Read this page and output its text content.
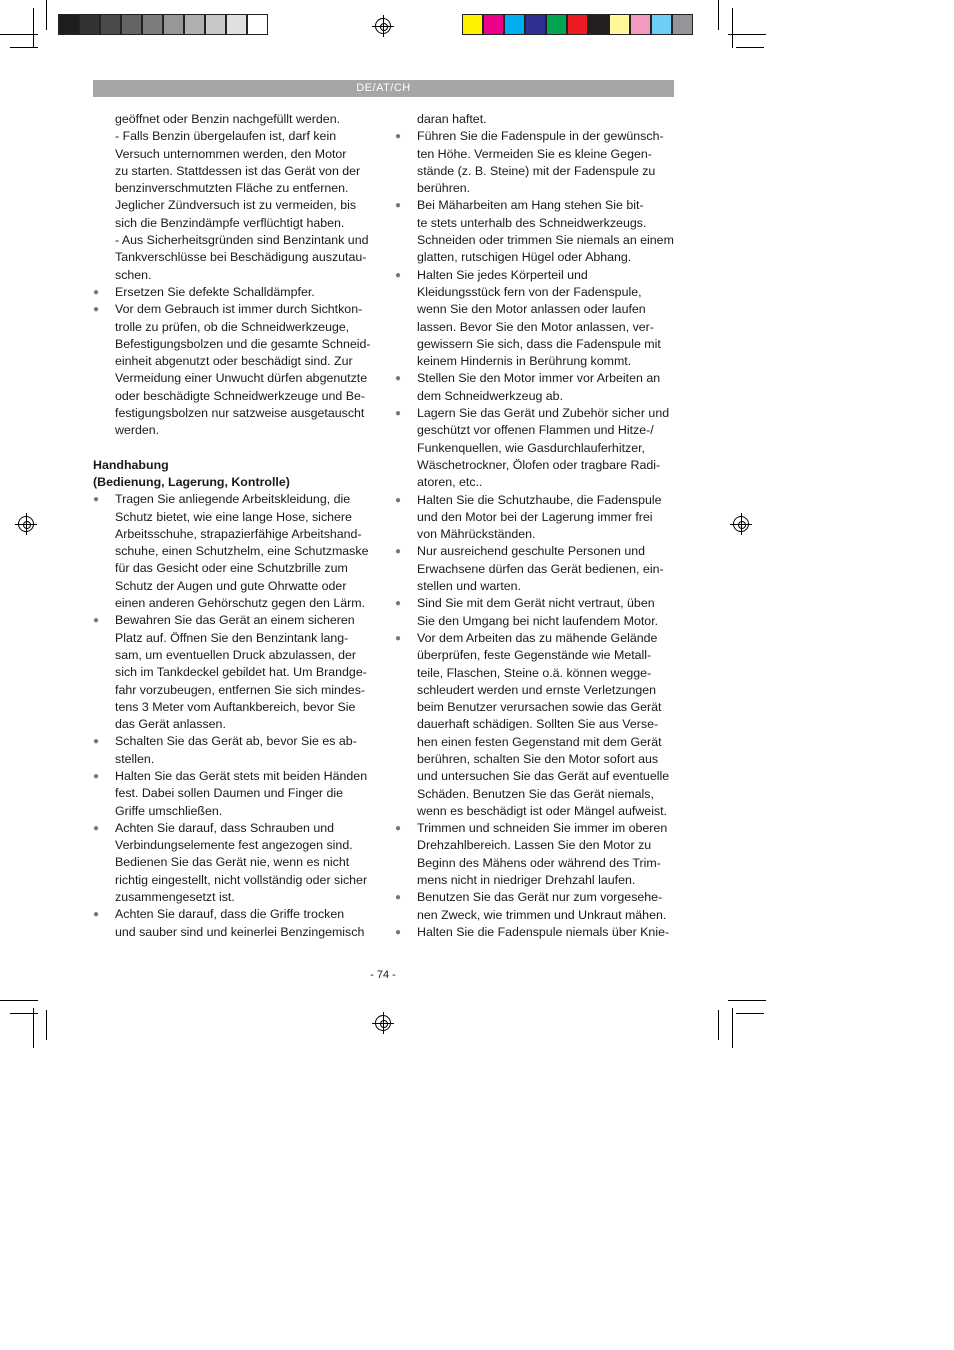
DE/AT/CH
geöffnet oder Benzin nachgefüllt werden.
- Falls Benzin übergelaufen ist, darf kein
Versuch unternommen werden, den Motor
zu starten. Stattdessen ist das Gerät von der
benzinverschmutzten Fläche zu entfernen.
Jeglicher Zündversuch ist zu vermeiden, bis
sich die Benzindämpfe verflüchtigt haben.
- Aus Sicherheitsgründen sind Benzintank und
Tankverschlüsse bei Beschädigung auszutau-
schen.
●	Ersetzen Sie defekte Schalldämpfer.
●	Vor dem Gebrauch ist immer durch Sichtkon-
trolle zu prüfen, ob die Schneidwerkzeuge,
Befestigungsbolzen und die gesamte Schneid-
einheit abgenutzt oder beschädigt sind. Zur
Vermeidung einer Unwucht dürfen abgenutzte
oder beschädigte Schneidwerkzeuge und Be-
festigungsbolzen nur satzweise ausgetauscht
werden.
Handhabung
(Bedienung, Lagerung, Kontrolle)
●	Tragen Sie anliegende Arbeitskleidung, die
Schutz bietet, wie eine lange Hose, sichere
Arbeitsschuhe, strapazierfähige Arbeitshand-
schuhe, einen Schutzhelm, eine Schutzmaske
für das Gesicht oder eine Schutzbrille zum
Schutz der Augen und gute Ohrwatte oder
einen anderen Gehörschutz gegen den Lärm.
●	Bewahren Sie das Gerät an einem sicheren
Platz auf. Öffnen Sie den Benzintank lang-
sam, um eventuellen Druck abzulassen, der
sich im Tankdeckel gebildet hat. Um Brandge-
fahr vorzubeugen, entfernen Sie sich mindes-
tens 3 Meter vom Auftankbereich, bevor Sie
das Gerät anlassen.
●	Schalten Sie das Gerät ab, bevor Sie es ab-
stellen.
●	Halten Sie das Gerät stets mit beiden Händen
fest. Dabei sollen Daumen und Finger die
Griffe umschließen.
●	Achten Sie darauf, dass Schrauben und
Verbindungselemente fest angezogen sind.
Bedienen Sie das Gerät nie, wenn es nicht
richtig eingestellt, nicht vollständig oder sicher
zusammengesetzt ist.
●	Achten Sie darauf, dass die Griffe trocken
und sauber sind und keinerlei Benzingemisch
daran haftet.
●	Führen Sie die Fadenspule in der gewünsch-
ten Höhe. Vermeiden Sie es kleine Gegen-
stände (z. B. Steine) mit der Fadenspule zu
berühren.
●	Bei Mäharbeiten am Hang stehen Sie bit-
te stets unterhalb des Schneidwerkzeugs.
Schneiden oder trimmen Sie niemals an einem
glatten, rutschigen Hügel oder Abhang.
●	Halten Sie jedes Körperteil und
Kleidungsstück fern von der Fadenspule,
wenn Sie den Motor anlassen oder laufen
lassen. Bevor Sie den Motor anlassen, ver-
gewissern Sie sich, dass die Fadenspule mit
keinem Hindernis in Berührung kommt.
●	Stellen Sie den Motor immer vor Arbeiten an
dem Schneidwerkzeug ab.
●	Lagern Sie das Gerät und Zubehör sicher und
geschützt vor offenen Flammen und Hitze-/
Funkenquellen, wie Gasdurchlauferhitzer,
Wäschetrockner, Ölofen oder tragbare Radi-
atoren, etc..
●	Halten Sie die Schutzhaube, die Fadenspule
und den Motor bei der Lagerung immer frei
von Mährückständen.
●	Nur ausreichend geschulte Personen und
Erwachsene dürfen das Gerät bedienen, ein-
stellen und warten.
●	Sind Sie mit dem Gerät nicht vertraut, üben
Sie den Umgang bei nicht laufendem Motor.
●	Vor dem Arbeiten das zu mähende Gelände
überprüfen, feste Gegenstände wie Metall-
teile, Flaschen, Steine o.ä. können wegge-
schleudert werden und ernste Verletzungen
beim Benutzer verursachen sowie das Gerät
dauerhaft schädigen. Sollten Sie aus Verse-
hen einen festen Gegenstand mit dem Gerät
berühren, schalten Sie den Motor sofort aus
und untersuchen Sie das Gerät auf eventuelle
Schäden. Benutzen Sie das Gerät niemals,
wenn es beschädigt ist oder Mängel aufweist.
●	Trimmen und schneiden Sie immer im oberen
Drehzahlbereich. Lassen Sie den Motor zu
Beginn des Mähens oder während des Trim-
mens nicht in niedriger Drehzahl laufen.
●	Benutzen Sie das Gerät nur zum vorgesehe-
nen Zweck, wie trimmen und Unkraut mähen.
●	Halten Sie die Fadenspule niemals über Knie-
- 74 -
